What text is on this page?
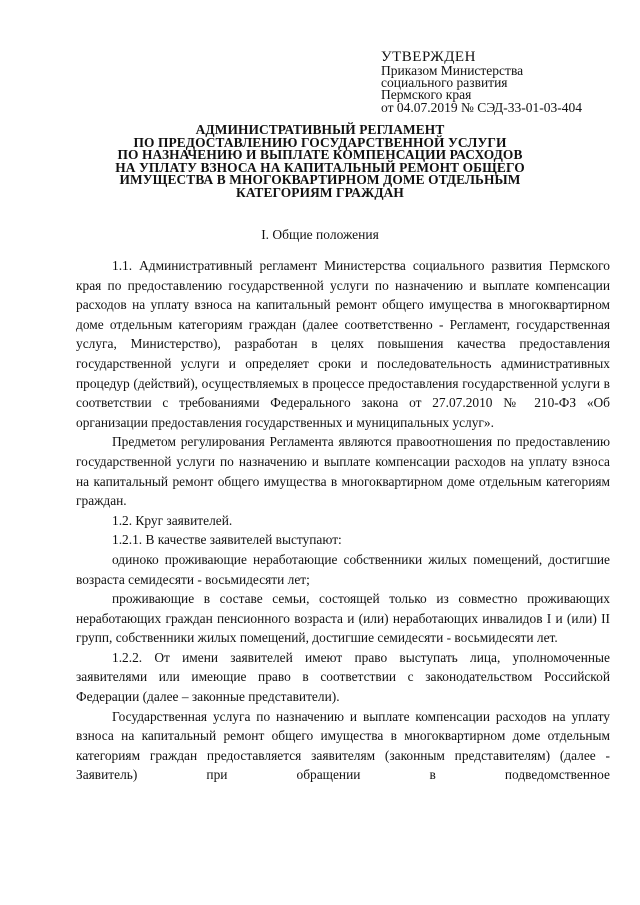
УТВЕРЖДЕН
Приказом Министерства
социального развития
Пермского края
от 04.07.2019 № СЭД-33-01-03-404
АДМИНИСТРАТИВНЫЙ РЕГЛАМЕНТ
ПО ПРЕДОСТАВЛЕНИЮ ГОСУДАРСТВЕННОЙ УСЛУГИ
ПО НАЗНАЧЕНИЮ И ВЫПЛАТЕ КОМПЕНСАЦИИ РАСХОДОВ
НА УПЛАТУ ВЗНОСА НА КАПИТАЛЬНЫЙ РЕМОНТ ОБЩЕГО
ИМУЩЕСТВА В МНОГОКВАРТИРНОМ ДОМЕ ОТДЕЛЬНЫМ
КАТЕГОРИЯМ ГРАЖДАН
I. Общие положения

1.1. Административный регламент Министерства социального развития Пермского края по предоставлению государственной услуги по назначению и выплате компенсации расходов на уплату взноса на капитальный ремонт общего имущества в многоквартирном доме отдельным категориям граждан (далее соответственно - Регламент, государственная услуга, Министерство), разработан в целях повышения качества предоставления государственной услуги и определяет сроки и последовательность административных процедур (действий), осуществляемых в процессе предоставления государственной услуги в соответствии с требованиями Федерального закона от 27.07.2010 № 210-ФЗ «Об организации предоставления государственных и муниципальных услуг».

Предметом регулирования Регламента являются правоотношения по предоставлению государственной услуги по назначению и выплате компенсации расходов на уплату взноса на капитальный ремонт общего имущества в многоквартирном доме отдельным категориям граждан.

1.2. Круг заявителей.

1.2.1. В качестве заявителей выступают:

одиноко проживающие неработающие собственники жилых помещений, достигшие возраста семидесяти - восьмидесяти лет;

проживающие в составе семьи, состоящей только из совместно проживающих неработающих граждан пенсионного возраста и (или) неработающих инвалидов I и (или) II групп, собственники жилых помещений, достигшие семидесяти - восьмидесяти лет.

1.2.2. От имени заявителей имеют право выступать лица, уполномоченные заявителями или имеющие право в соответствии с законодательством Российской Федерации (далее – законные представители).

Государственная услуга по назначению и выплате компенсации расходов на уплату взноса на капитальный ремонт общего имущества в многоквартирном доме отдельным категориям граждан предоставляется заявителям (законным представителям) (далее - Заявитель) при обращении в подведомственное
